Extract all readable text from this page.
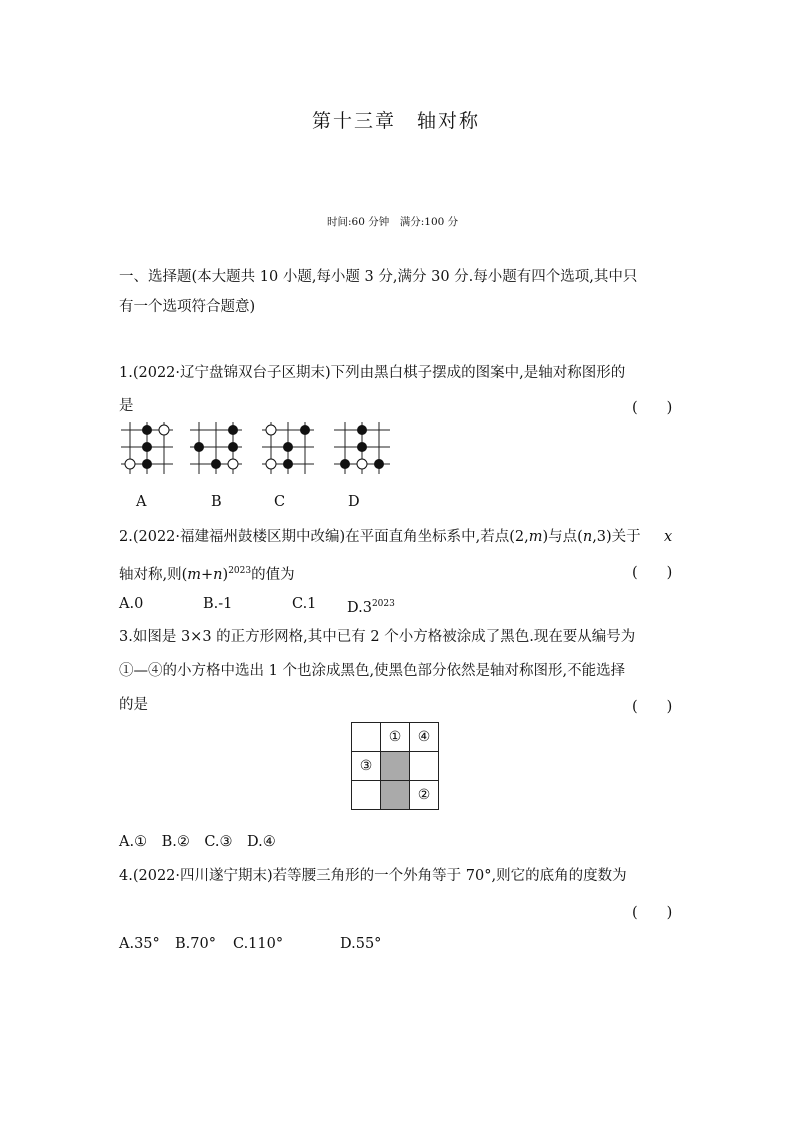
第十三章　轴对称
时间:60 分钟　满分:100 分
一、选择题(本大题共 10 小题,每小题 3 分,满分 30 分.每小题有四个选项,其中只
有一个选项符合题意)
1.(2022·辽宁盘锦双台子区期末)下列由黑白棋子摆成的图案中,是轴对称图形的
是	(　　)
A	B	C	D
2.(2022·福建福州鼓楼区期中改编)在平面直角坐标系中,若点(2,m)与点(n,3)关于 x
轴对称,则$(m+n)^{2023}$的值为	(　　)
A.0	B.-1	C.1 $D.3^{2023}$
3.如图是 3×3 的正方形网格,其中已有 2 个小方格被涂成了黑色.现在要从编号为
①—④的小方格中选出 1 个也涂成黑色,使黑色部分依然是轴对称图形,不能选择
的是	(　　)
	①	④
③		
		②
A.①　B.②　C.③　D.④
4.(2022·四川遂宁期末)若等腰三角形的一个外角等于 70°,则它的底角的度数为
(　　)
A.35° B.70° C.110°	D.55°
